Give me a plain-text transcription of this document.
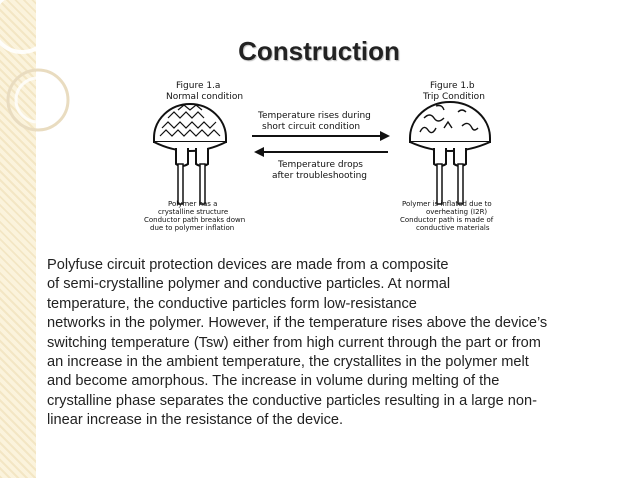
Construction
Figure 1.a
Normal condition
Figure 1.b
Trip Condition
Temperature rises during
short circuit condition
Temperature drops
after troubleshooting
Polymer has a
crystalline structure
Conductor path breaks down
due to polymer inflation
Polymer is inflated due to
overheating (I2R)
Conductor path is made of
conductive materials
Polyfuse circuit protection devices are made from a composite
of semi-crystalline polymer and conductive particles. At normal
temperature, the conductive particles form low-resistance
networks in the polymer. However, if the temperature rises above the device’s
switching temperature (Tsw) either from high current through the part or from
an increase in the ambient temperature, the crystallites in the polymer melt
and become amorphous. The increase in volume during melting of the
crystalline phase separates the conductive particles resulting in a large non-
linear increase in the resistance of the device.
